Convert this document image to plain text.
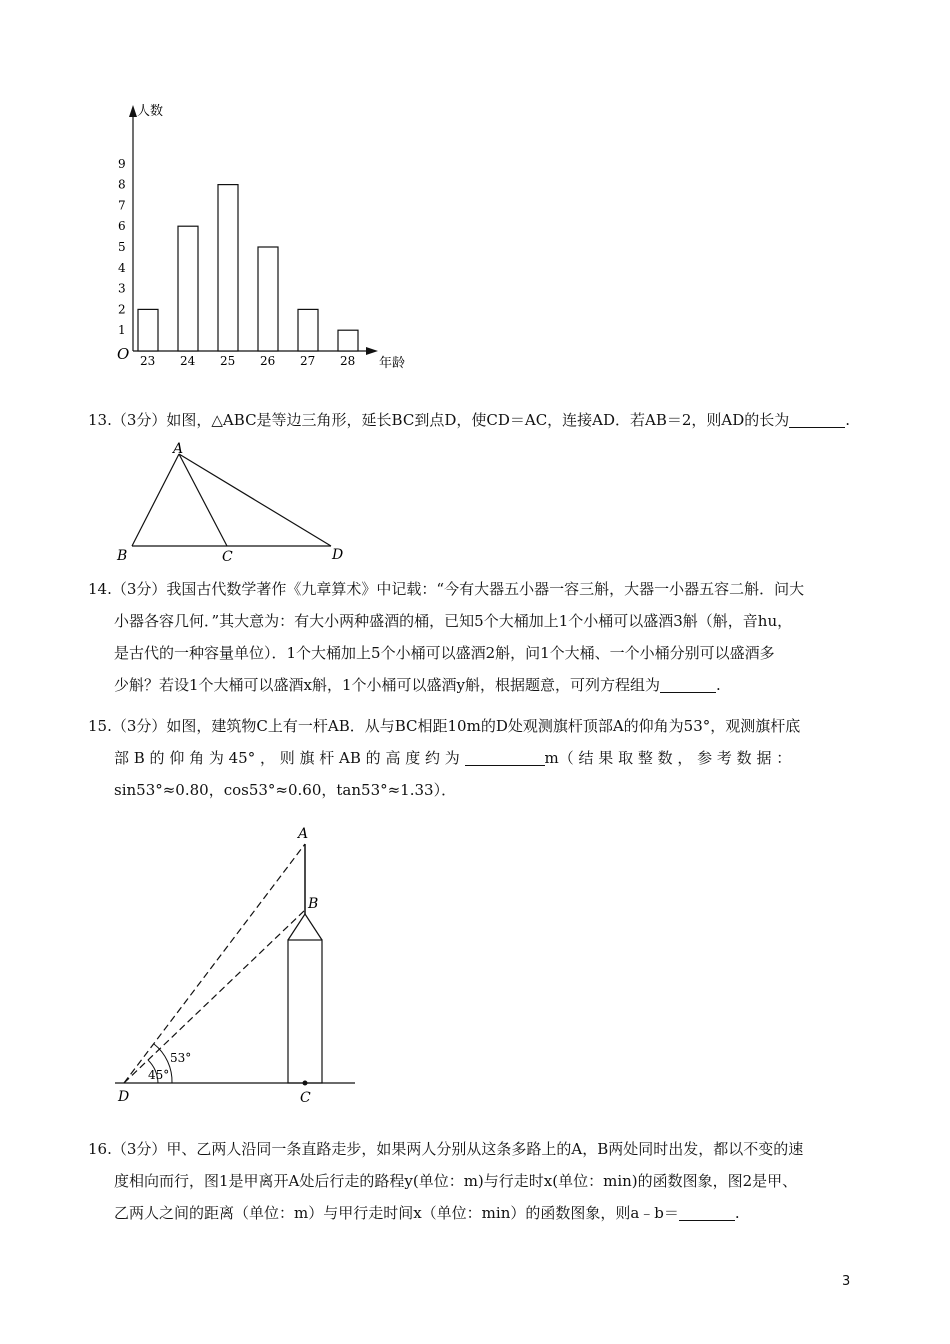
人数
年龄
O
1
2
3
4
5
6
7
8
9
23 24 25 26 27 28
13.（3分）如图，△ABC是等边三角形，延长BC到点D，使CD＝AC，连接AD．若AB＝2，则AD的长为	.
A
B	C	D
14.（3分）我国古代数学著作《九章算术》中记载：“今有大器五小器一容三斛，大器一小器五容二斛．问大
小器各容几何．”其大意为：有大小两种盛酒的桶，已知5个大桶加上1个小桶可以盛酒3斛（斛，音hu，
是古代的一种容量单位）．1个大桶加上5个小桶可以盛酒2斛，问1个大桶、一个小桶分别可以盛酒多
少斛？若设1个大桶可以盛酒x斛，1个小桶可以盛酒y斛，根据题意，可列方程组为	.
15.（3分）如图，建筑物C上有一杆AB．从与BC相距10m的D处观测旗杆顶部A的仰角为53°，观测旗杆底
部 B 的 仰 角 为 45° ， 则 旗 杆 AB 的 高 度 约 为	m（ 结 果 取 整 数 ， 参 考 数 据 ：
sin53°≈0.80，cos53°≈0.60，tan53°≈1.33）．
A
B
C
D
53°
45°
16.（3分）甲、乙两人沿同一条直路走步，如果两人分别从这条多路上的A，B两处同时出发，都以不变的速
度相向而行，图1是甲离开A处后行走的路程y(单位：m)与行走时x(单位：min)的函数图象，图2是甲、
乙两人之间的距离（单位：m）与甲行走时间x（单位：min）的函数图象，则a﹣b＝	.
3
